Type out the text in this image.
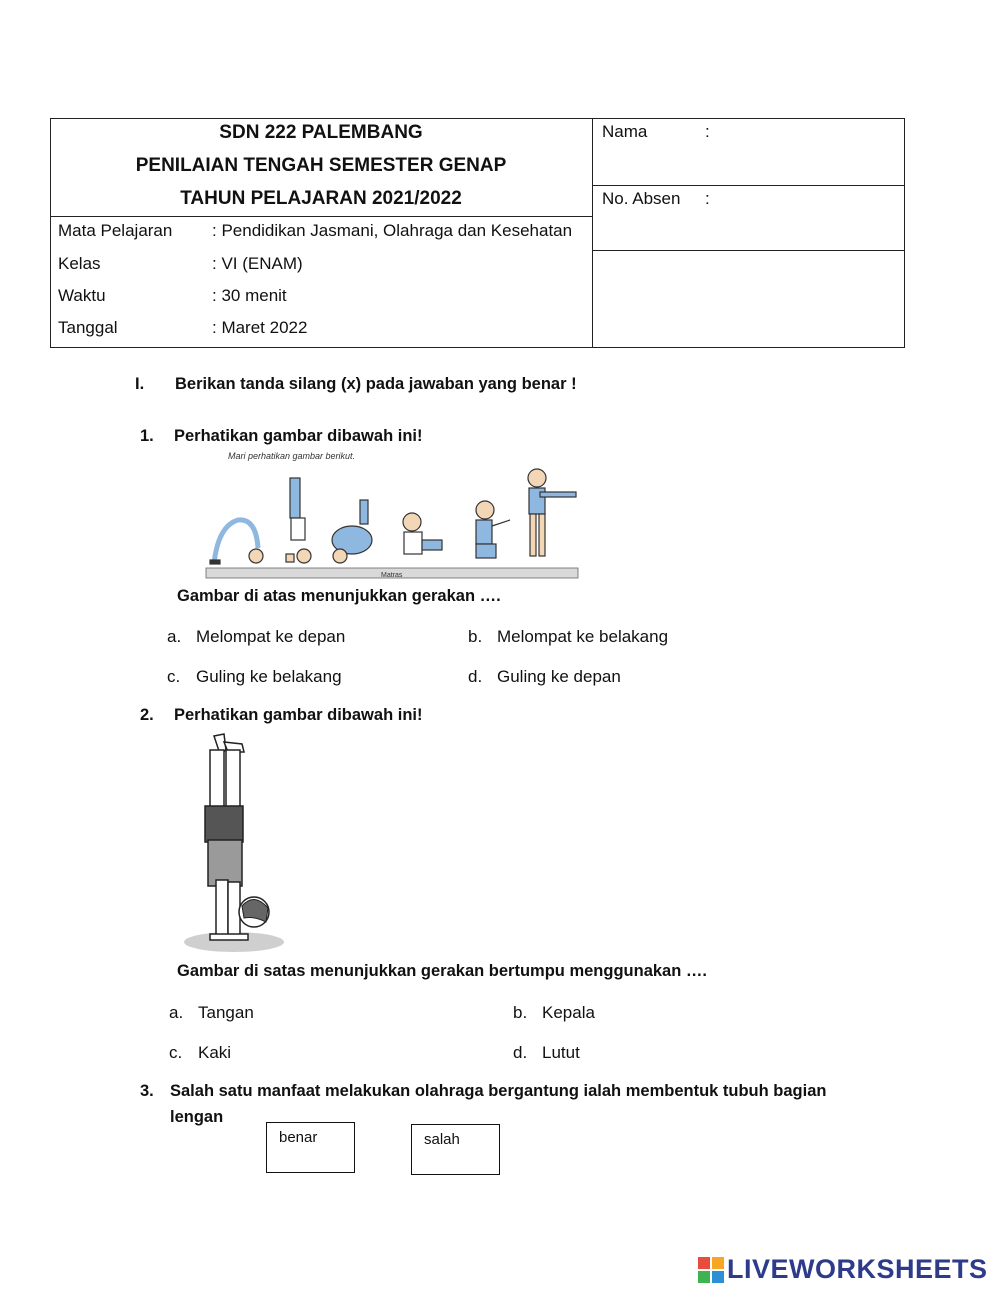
SDN 222 PALEMBANG
PENILAIAN TENGAH SEMESTER GENAP
TAHUN PELAJARAN 2021/2022
Mata Pelajaran : Pendidikan Jasmani, Olahraga dan Kesehatan
Kelas	: VI (ENAM)
Waktu	: 30 menit
Tanggal	: Maret 2022
Nama	:
No. Absen :
I. Berikan tanda silang (x) pada jawaban yang benar !
1. Perhatikan gambar dibawah ini!
Mari perhatikan gambar berikut.
Matras
Gambar di atas menunjukkan gerakan ….
a. Melompat ke depan	b. Melompat ke belakang
c. Guling ke belakang	d. Guling ke depan
2. Perhatikan gambar dibawah ini!
Gambar di satas menunjukkan gerakan bertumpu menggunakan ….
a. Tangan	b. Kepala
c. Kaki	d. Lutut
3. Salah satu manfaat melakukan olahraga bergantung ialah membentuk tubuh bagian
lengan
benar	salah
LIVEWORKSHEETS
